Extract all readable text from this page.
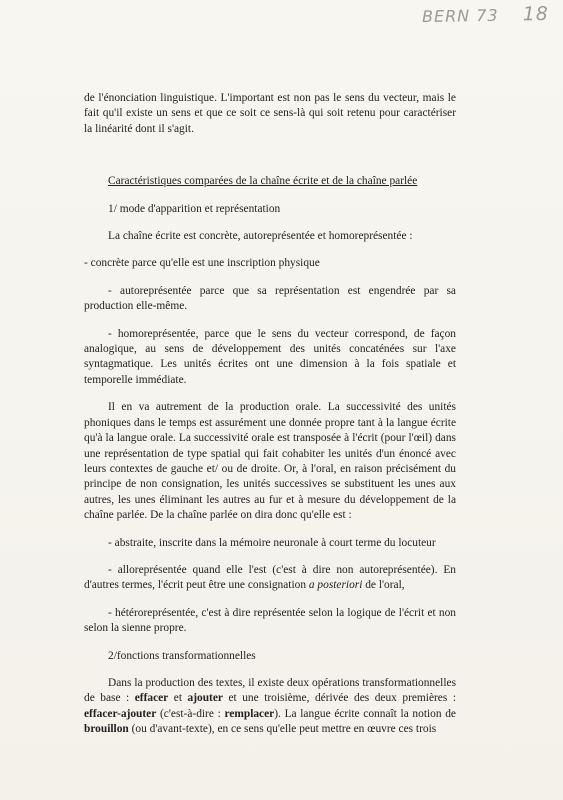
BERN 73 18

de l'énonciation linguistique. L'important est non pas le sens du vecteur, mais le fait qu'il existe un sens et que ce soit ce sens-là qui soit retenu pour caractériser la linéarité dont il s'agit.

Caractéristiques comparées de la chaîne écrite et de la chaîne parlée

1/ mode d'apparition et représentation

La chaîne écrite est concrète, autoreprésentée et homoreprésentée :

- concrète parce qu'elle est une inscription physique

- autoreprésentée parce que sa représentation est engendrée par sa production elle-même.

- homoreprésentée, parce que le sens du vecteur correspond, de façon analogique, au sens de développement des unités concaténées sur l'axe syntagmatique. Les unités écrites ont une dimension à la fois spatiale et temporelle immédiate.

Il en va autrement de la production orale. La successivité des unités phoniques dans le temps est assurément une donnée propre tant à la langue écrite qu'à la langue orale. La successivité orale est transposée à l'écrit (pour l'œil) dans une représentation de type spatial qui fait cohabiter les unités d'un énoncé avec leurs contextes de gauche et/ ou de droite. Or, à l'oral, en raison précisément du principe de non consignation, les unités successives se substituent les unes aux autres, les unes éliminant les autres au fur et à mesure du développement de la chaîne parlée. De la chaîne parlée on dira donc qu'elle est :

- abstraite, inscrite dans la mémoire neuronale à court terme du locuteur

- alloreprésentée quand elle l'est (c'est à dire non autoreprésentée). En d'autres termes, l'écrit peut être une consignation a posteriori de l'oral,

- hétéroreprésentée, c'est à dire représentée selon la logique de l'écrit et non selon la sienne propre.

2/fonctions transformationnelles

Dans la production des textes, il existe deux opérations transformationnelles de base : effacer et ajouter et une troisième, dérivée des deux premières : effacer-ajouter (c'est-à-dire : remplacer). La langue écrite connaît la notion de brouillon (ou d'avant-texte), en ce sens qu'elle peut mettre en œuvre ces trois
